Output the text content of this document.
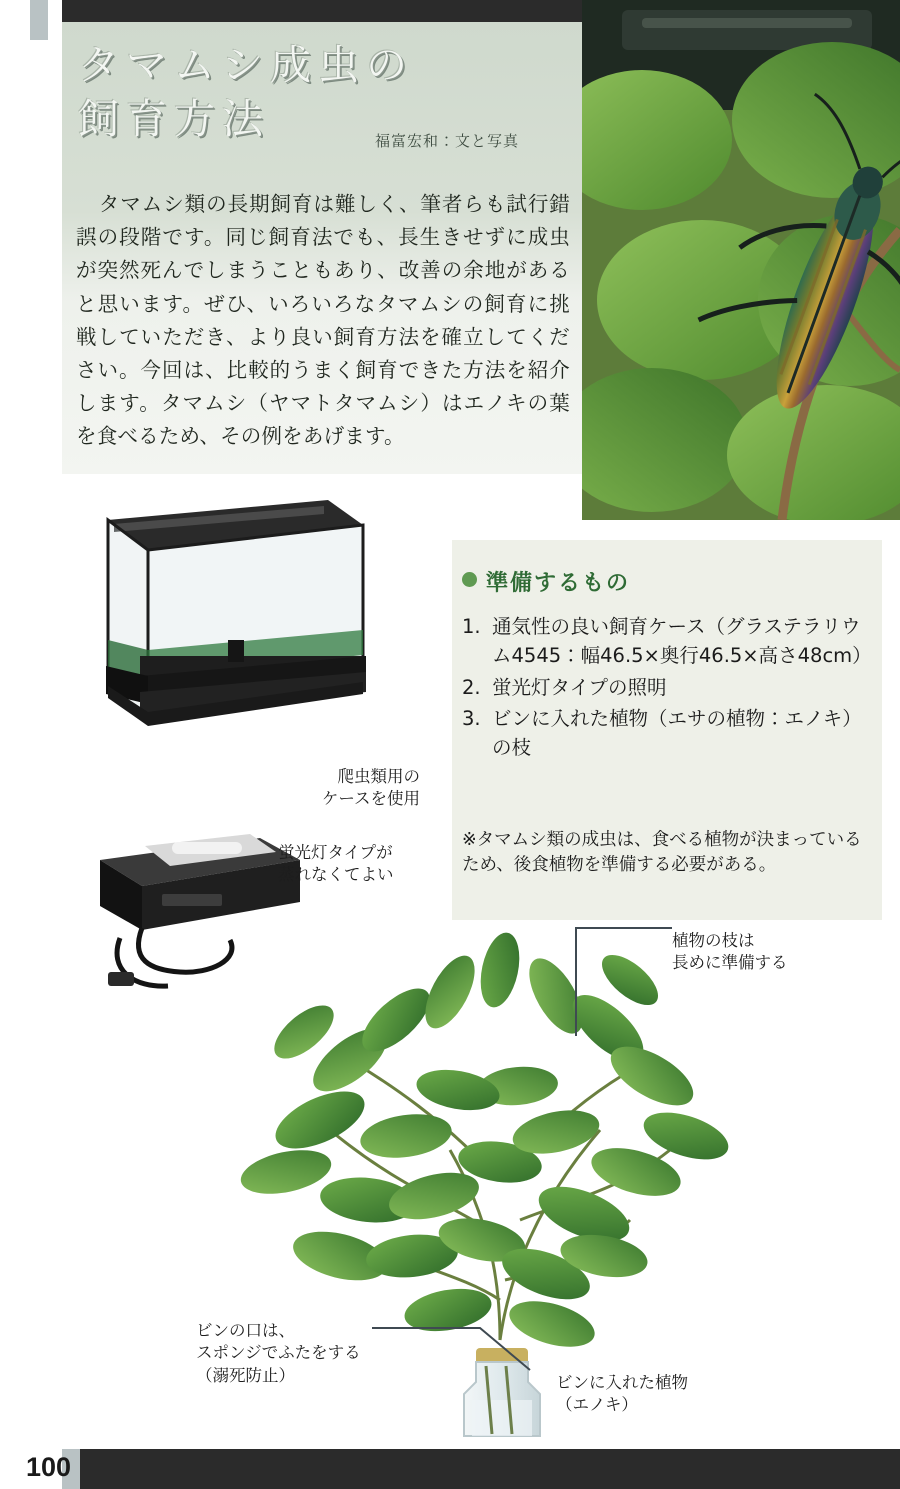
タマムシ成虫の
飼育方法	福富宏和：文と写真
タマムシ類の長期飼育は難しく、筆者らも試行錯誤の段階です。同じ飼育法でも、長生きせずに成虫が突然死んでしまうこともあり、改善の余地があると思います。ぜひ、いろいろなタマムシの飼育に挑戦していただき、より良い飼育方法を確立してください。今回は、比較的うまく飼育できた方法を紹介します。タマムシ（ヤマトタマムシ）はエノキの葉を食べるため、その例をあげます。
爬虫類用の
ケースを使用
蛍光灯タイプが
蒸れなくてよい
準備するもの
1. 通気性の良い飼育ケース（グラステラリウム4545：幅46.5×奥行46.5×高さ48cm）
2. 蛍光灯タイプの照明
3. ビンに入れた植物（エサの植物：エノキ）の枝
※タマムシ類の成虫は、食べる植物が決まっているため、後食植物を準備する必要がある。
植物の枝は
長めに準備する
ビンの口は、
スポンジでふたをする
（溺死防止）	ビンに入れた植物
（エノキ）
100
